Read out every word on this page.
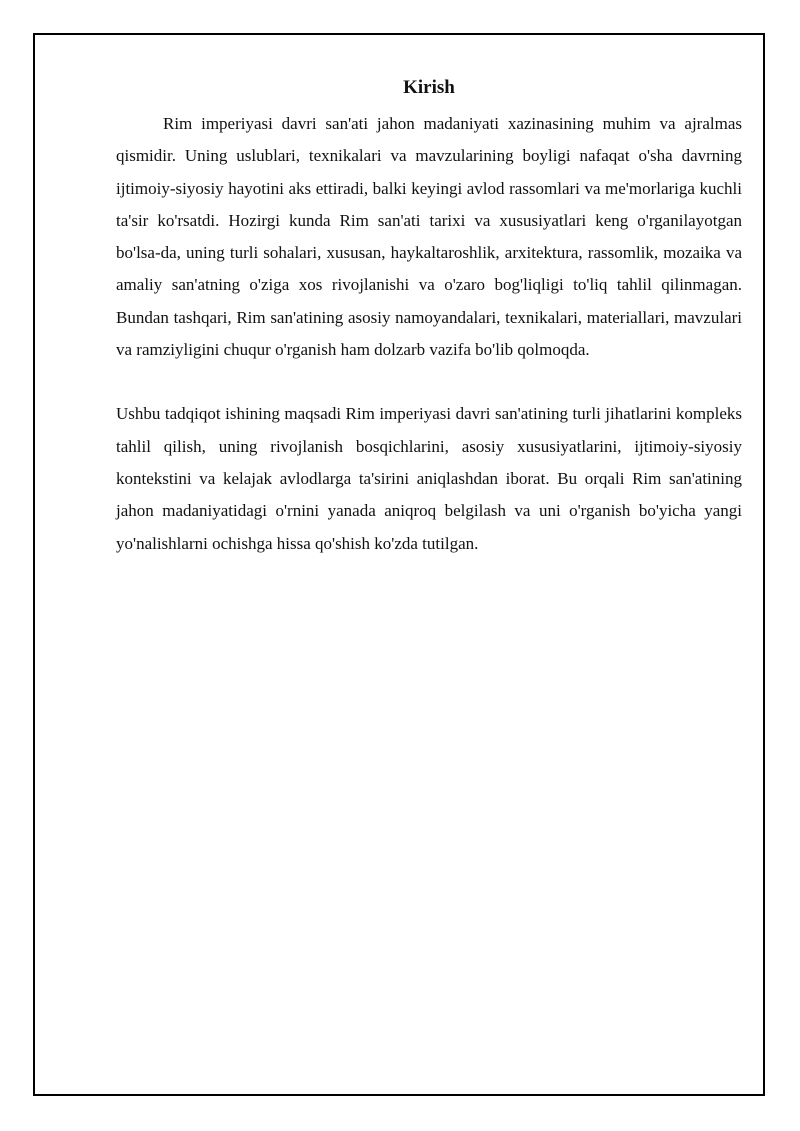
Kirish

Rim imperiyasi davri san'ati jahon madaniyati xazinasining muhim va ajralmas qismidir. Uning uslublari, texnikalari va mavzularining boyligi nafaqat o'sha davrning ijtimoiy-siyosiy hayotini aks ettiradi, balki keyingi avlod rassomlari va me'morlariga kuchli ta'sir ko'rsatdi. Hozirgi kunda Rim san'ati tarixi va xususiyatlari keng o'rganilayotgan bo'lsa-da, uning turli sohalari, xususan, haykaltaroshlik, arxitektura, rassomlik, mozaika va amaliy san'atning o'ziga xos rivojlanishi va o'zaro bog'liqligi to'liq tahlil qilinmagan. Bundan tashqari, Rim san'atining asosiy namoyandalari, texnikalari, materiallari, mavzulari va ramziyligini chuqur o'rganish ham dolzarb vazifa bo'lib qolmoqda.

Ushbu tadqiqot ishining maqsadi Rim imperiyasi davri san'atining turli jihatlarini kompleks tahlil qilish, uning rivojlanish bosqichlarini, asosiy xususiyatlarini, ijtimoiy-siyosiy kontekstini va kelajak avlodlarga ta'sirini aniqlashdan iborat. Bu orqali Rim san'atining jahon madaniyatidagi o'rnini yanada aniqroq belgilash va uni o'rganish bo'yicha yangi yo'nalishlarni ochishga hissa qo'shish ko'zda tutilgan.
